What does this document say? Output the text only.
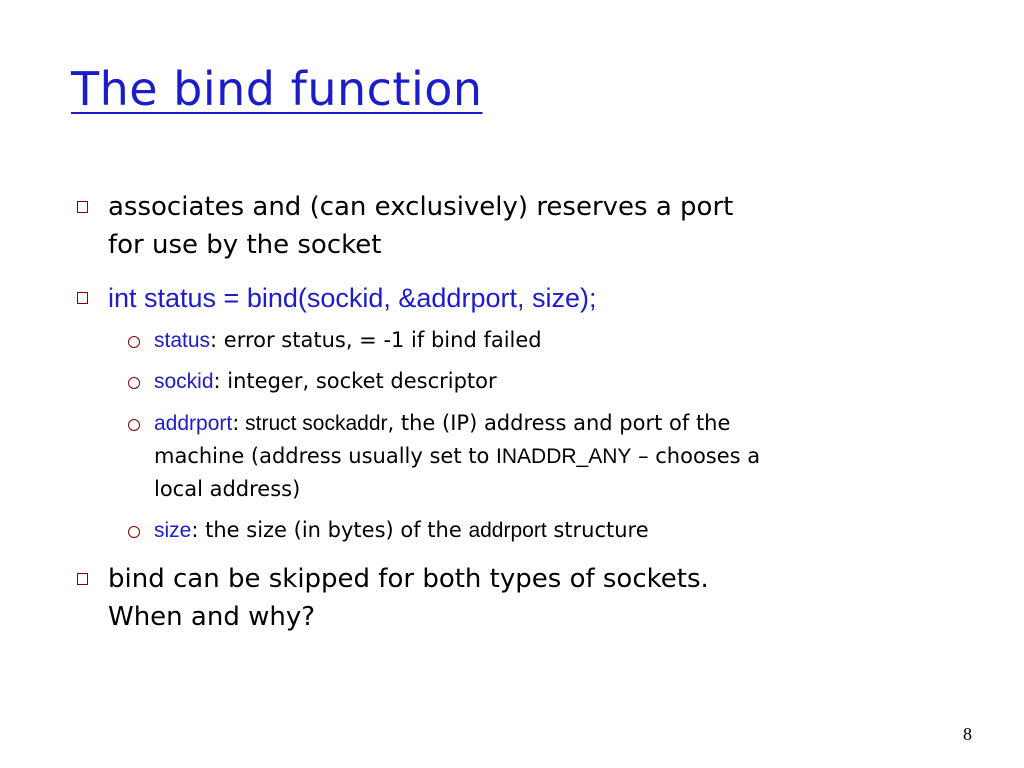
The bind function
associates and (can exclusively) reserves a port
for use by the socket
int status = bind(sockid, &addrport, size);
status: error status, = -1 if bind failed
sockid: integer, socket descriptor
addrport: struct sockaddr, the (IP) address and port of the
machine (address usually set to INADDR_ANY – chooses a
local address)
size: the size (in bytes) of the addrport structure
bind can be skipped for both types of sockets.
When and why?
8
